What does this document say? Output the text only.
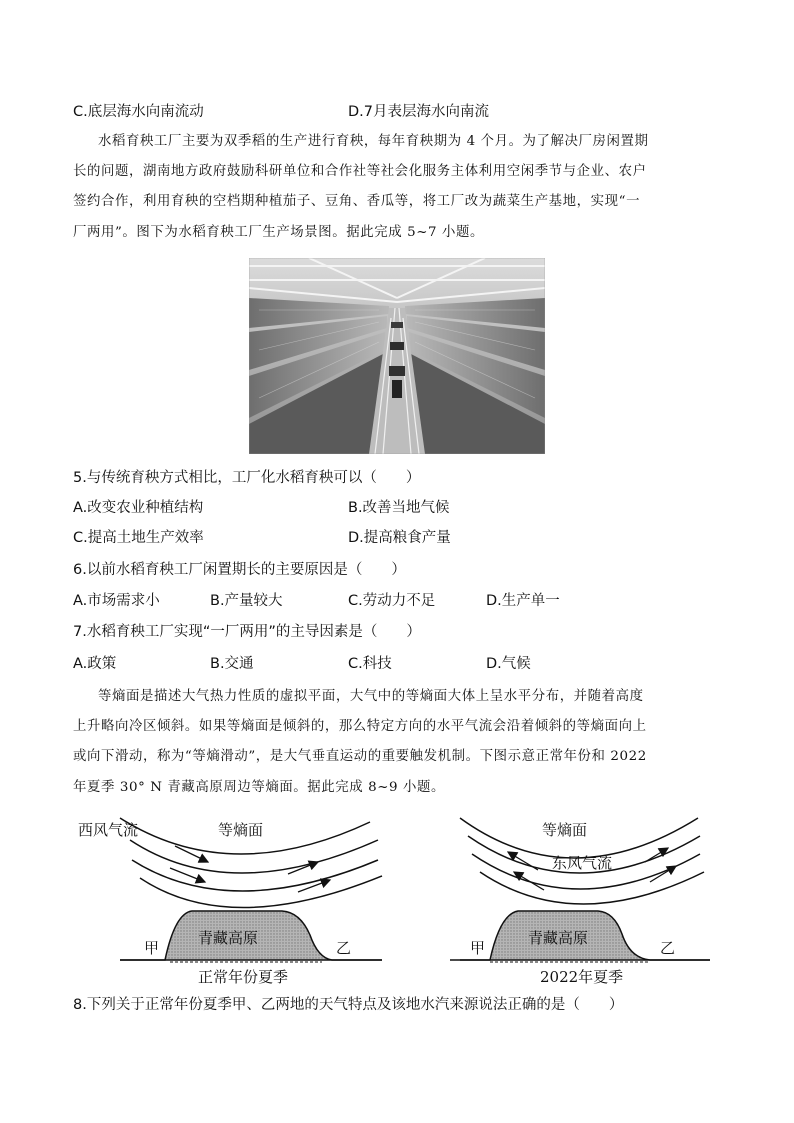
C.底层海水向南流动	D.7月表层海水向南流
水稻育秧工厂主要为双季稻的生产进行育秧，每年育秧期为 4 个月。为了解决厂房闲置期
长的问题，湖南地方政府鼓励科研单位和合作社等社会化服务主体利用空闲季节与企业、农户
签约合作，利用育秧的空档期种植茄子、豆角、香瓜等，将工厂改为蔬菜生产基地，实现“一
厂两用”。图下为水稻育秧工厂生产场景图。据此完成 5~7 小题。
5.与传统育秧方式相比，工厂化水稻育秧可以（　　）
A.改变农业种植结构	B.改善当地气候
C.提高土地生产效率	D.提高粮食产量
6.以前水稻育秧工厂闲置期长的主要原因是（　　）
A.市场需求小	B.产量较大	C.劳动力不足	D.生产单一
7.水稻育秧工厂实现“一厂两用”的主导因素是（　　）
A.政策	B.交通	C.科技	D.气候
等熵面是描述大气热力性质的虚拟平面，大气中的等熵面大体上呈水平分布，并随着高度
上升略向冷区倾斜。如果等熵面是倾斜的，那么特定方向的水平气流会沿着倾斜的等熵面向上
或向下滑动，称为“等熵滑动”，是大气垂直运动的重要触发机制。下图示意正常年份和 2022
年夏季 30° N 青藏高原周边等熵面。据此完成 8~9 小题。
西风气流	等熵面
青藏高原
甲	乙
正常年份夏季
等熵面
东风气流
青藏高原
甲	乙
2022年夏季
8.下列关于正常年份夏季甲、乙两地的天气特点及该地水汽来源说法正确的是（　　）
